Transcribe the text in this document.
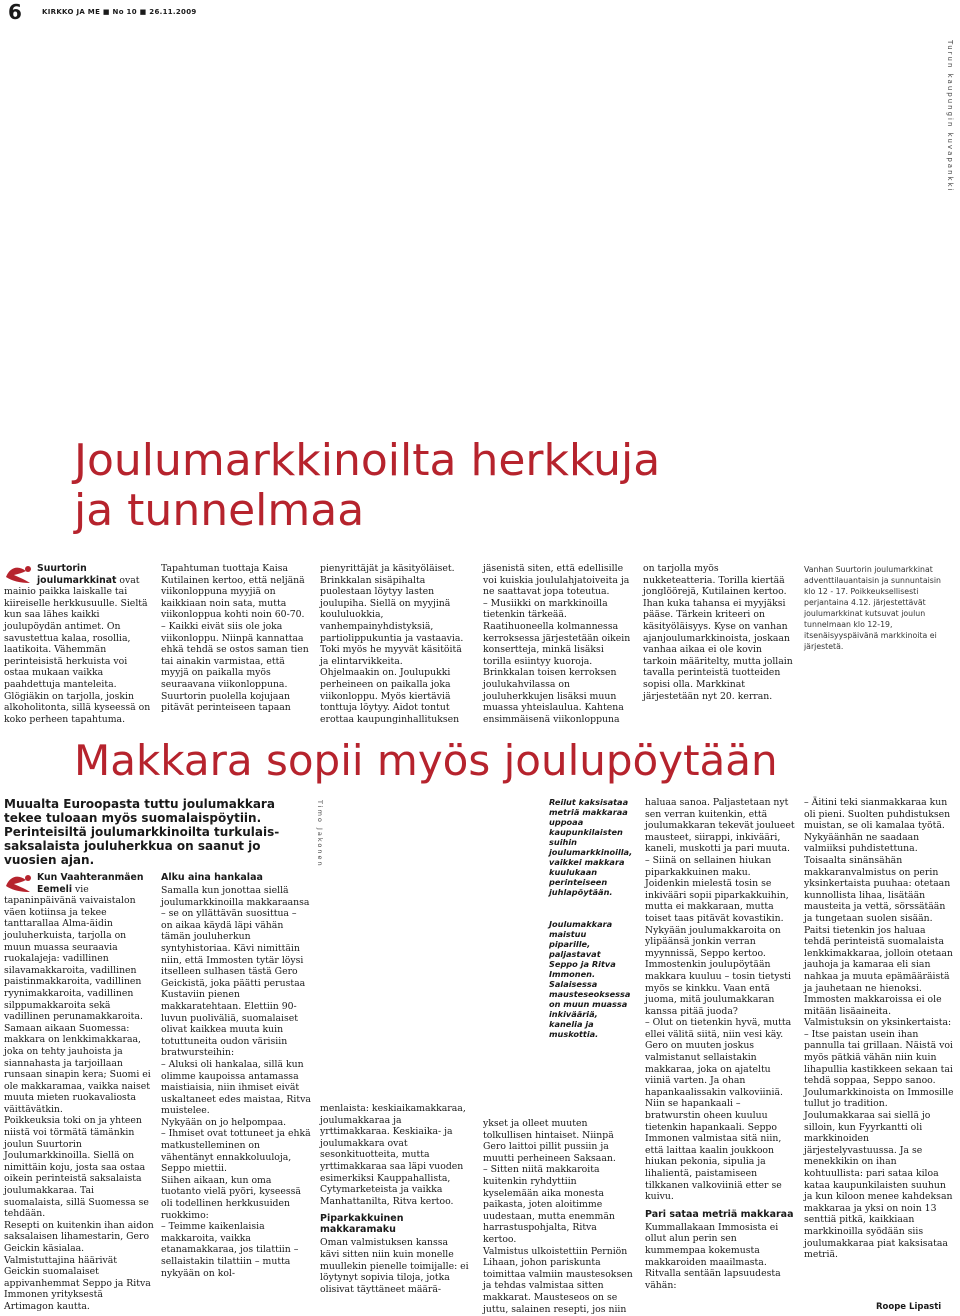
6	KIRKKO JA ME ■ No 10 ■ 26.11.2009
Turun kaupungin kuvapankki
Joulumarkkinoilta herkkuja ja tunnelmaa

Suurtorin joulumarkkinat ovat mainio paikka laiskalle tai kiireiselle herkkusuulle. Sieltä kun saa lähes kaikki joulupöydän antimet. On savustettua kalaa, rosollia, laatikoita. Vähemmän perinteisistä herkuista voi ostaa mukaan vaikka paahdettuja manteleita. Glögiäkin on tarjolla, joskin alkoholitonta, sillä kyseessä on koko perheen tapahtuma.

Tapahtuman tuottaja Kaisa Kutilainen kertoo, että neljänä viikonloppuna myyjiä on kaikkiaan noin sata, mutta viikonloppua kohti noin 60-70.

– Kaikki eivät siis ole joka viikonloppu. Niinpä kannattaa ehkä tehdä se ostos saman tien tai ainakin varmistaa, että myyjä on paikalla myös seuraavana viikonloppuna.

Suurtorin puolella kojujaan pitävät perinteiseen tapaan

pienyrittäjät ja käsityöläiset. Brinkkalan sisäpihalta puolestaan löytyy lasten joulupiha. Siellä on myyjinä koululuokkia, vanhempainyhdistyksiä, partiolippukuntia ja vastaavia. Toki myös he myyvät käsitöitä ja elintarvikkeita.

Ohjelmaakin on. Joulupukki perheineen on paikalla joka viikonloppu. Myös kiertäviä tonttuja löytyy. Aidot tontut erottaa kaupunginhallituksen

jäsenistä siten, että edellisille voi kuiskia joululahjatoiveita ja ne saattavat jopa toteutua.

– Musiikki on markkinoilla tietenkin tärkeää. Raatihuoneella kolmannessa kerroksessa järjestetään oikein konsertteja, minkä lisäksi torilla esiintyy kuoroja. Brinkkalan toisen kerroksen joulukahvilassa on jouluherkkujen lisäksi muun muassa yhteislaulua. Kahtena ensimmäisenä viikonloppuna

on tarjolla myös nukketeatteria. Torilla kiertää jonglöörejä, Kutilainen kertoo.

Ihan kuka tahansa ei myyjäksi pääse. Tärkein kriteeri on käsityöläisyys. Kyse on vanhan ajanjoulumarkkinoista, joskaan vanhaa aikaa ei ole kovin tarkoin määritelty, mutta jollain tavalla perinteistä tuotteiden sopisi olla. Markkinat järjestetään nyt 20. kerran.

Vanhan Suurtorin joulumarkkinat adventtilauantaisin ja sunnuntaisin klo 12 - 17. Poikkeuksellisesti perjantaina 4.12. järjestettävät joulumarkkinat kutsuvat joulun tunnelmaan klo 12-19, itsenäisyyspäivänä markkinoita ei järjestetä.
Makkara sopii myös joulupöytään
Muualta Euroopasta tuttu joulumakkara tekee tuloaan myös suomalaispöytiin. Perinteisiltä joulumarkkinoilta turkulais-saksalaista jouluherkkua on saanut jo vuosien ajan.	Timo Jakonen

Kun Vaahteranmäen Eemeli vie tapaninpäivänä vaivaistalon väen kotiinsa ja tekee tanttarallaa Alma-äidin jouluherkuista, tarjolla on muun muassa seuraavia ruokalajeja: vadillinen silavamakkaroita, vadillinen paistinmakkaroita, vadillinen ryynimakkaroita, vadillinen silppumakkaroita sekä vadillinen perunamakkaroita.

Samaan aikaan Suomessa: makkara on lenkkimakkaraa, joka on tehty jauhoista ja siannahasta ja tarjoillaan runsaan sinapin kera; Suomi ei ole makkaramaa, vaikka naiset muuta mieten ruokavaliosta väittävätkin.

Poikkeuksia toki on ja yhteen niistä voi törmätä tämänkin joulun Suurtorin Joulumarkkinoilla. Siellä on nimittäin koju, josta saa ostaa oikein perinteistä saksalaista joulumakkaraa. Tai suomalaista, sillä Suomessa se tehdään.

Resepti on kuitenkin ihan aidon saksalaisen lihamestarin, Gero Geickin käsialaa. Valmistuttajina häärivät Geickin suomalaiset appivanhemmat Seppo ja Ritva Immonen yrityksestä Artimagon kautta.

Alku aina hankalaa

Samalla kun jonottaa siellä joulumarkkinoilla makkaraansa – se on yllättävän suosittua – on aikaa käydä läpi vähän tämän jouluherkun syntyhistoriaa. Kävi nimittäin niin, että Immosten tytär löysi itselleen sulhasen tästä Gero Geickistä, joka päätti perustaa Kustaviin pienen makkaratehtaan. Elettiin 90-luvun puoliväliä, suomalaiset olivat kaikkea muuta kuin totuttuneita oudon värisiin bratwursteihin:

– Aluksi oli hankalaa, sillä kun olimme kaupoissa antamassa maistiaisia, niin ihmiset eivät uskaltaneet edes maistaa, Ritva muistelee.

Nykyään on jo helpompaa.

– Ihmiset ovat tottuneet ja ehkä matkustelleminen on vähentänyt ennakkoluuloja, Seppo miettii.

Siihen aikaan, kun oma tuotanto vielä pyöri, kyseessä oli todellinen herkkusuiden ruokkimo:

– Teimme kaikenlaisia makkaroita, vaikka etanamakkaraa, jos tilattiin – sellaistakin tilattiin – mutta nykyään on kol-

menlaista: keskiaikamakkaraa, joulumakkaraa ja yrttimakkaraa. Keskiaika- ja joulumakkara ovat sesonkituotteita, mutta yrttimakkaraa saa läpi vuoden esimerkiksi Kauppahallista, Cytymarketeista ja vaikka Manhattanilta, Ritva kertoo.

Piparkakkuinen makkaramaku

Oman valmistuksen kanssa kävi sitten niin kuin monelle muullekin pienelle toimijalle: ei löytynyt sopivia tiloja, jotka olisivat täyttäneet määrä-

Reilut kaksisataa metriä makkaraa uppoaa kaupunkilaisten suihin joulumarkkinoilla, vaikkei makkara kuulukaan perinteiseen juhlapöytään.
Joulumakkara maistuu piparille, paljastavat Seppo ja Ritva Immonen. Salaisessa mausteseoksessa on muun muassa inkivääriä, kanelia ja muskottia.

ykset ja olleet muuten tolkullisen hintaiset. Niinpä Gero laittoi pillit pussiin ja muutti perheineen Saksaan.

– Sitten niitä makkaroita kuitenkin ryhdyttiin kyselemään aika monesta paikasta, joten aloitimme uudestaan, mutta enemmän harrastuspohjalta, Ritva kertoo.

Valmistus ulkoistettiin Perniön Lihaan, johon pariskunta toimittaa valmiin maustesoksen ja tehdas valmistaa sitten makkarat. Mausteseos on se juttu, salainen resepti, jos niin

haluaa sanoa. Paljastetaan nyt sen verran kuitenkin, että joulumakkaran tekevät joulueet mausteet, siirappi, inkivääri, kaneli, muskotti ja pari muuta.

– Siinä on sellainen hiukan piparkakkuinen maku. Joidenkin mielestä tosin se inkivääri sopii piparkakkuihin, mutta ei makkaraan, mutta toiset taas pitävät kovastikin. Nykyään joulumakkaroita on ylipäänsä jonkin verran myynnissä, Seppo kertoo.

Immostenkin joulupöytään makkara kuuluu – tosin tietysti myös se kinkku. Vaan entä juoma, mitä joulumakkaran kanssa pitää juoda?

– Olut on tietenkin hyvä, mutta ellei välitä siitä, niin vesi käy. Gero on muuten joskus valmistanut sellaistakin makkaraa, joka on ajateltu viiniä varten. Ja ohan hapankaalissakin valkoviiniä.

Niin se hapankaali – bratwurstin oheen kuuluu tietenkin hapankaali. Seppo Immonen valmistaa sitä niin, että laittaa kaalin joukkoon hiukan pekonia, sipulia ja lihalientä, paistamiseen tilkkanen valkoviiniä etter se kuivu.

Pari sataa metriä makkaraa

Kummallakaan Immosista ei ollut alun perin sen kummempaa kokemusta makkaroiden maailmasta. Ritvalla sentään lapsuudesta vähän:

– Äitini teki sianmakkaraa kun oli pieni. Suolten puhdistuksen muistan, se oli kamalaa työtä. Nykyäänhän ne saadaan valmiiksi puhdistettuna.

Toisaalta sinänsähän makkaranvalmistus on perin yksinkertaista puuhaa: otetaan kunnollista lihaa, lisätään mausteita ja vettä, sörssätään ja tungetaan suolen sisään. Paitsi tietenkin jos haluaa tehdä perinteistä suomalaista lenkkimakkaraa, jolloin otetaan jauhoja ja kamaraa eli sian nahkaa ja muuta epämääräistä ja jauhetaan ne hienoksi. Immosten makkaroissa ei ole mitään lisäaineita.

Valmistuksin on yksinkertaista:

– Itse paistan usein ihan pannulla tai grillaan. Näistä voi myös pätkiä vähän niin kuin lihapullia kastikkeen sekaan tai tehdä soppaa, Seppo sanoo.

Joulumarkkinoista on Immosille tullut jo tradition. Joulumakkaraa sai siellä jo silloin, kun Fyyrkantti oli markkinoiden järjestelyvastuussa. Ja se menekkikin on ihan kohtuullista: pari sataa kiloa kataa kaupunkilaisten suuhun ja kun kiloon menee kahdeksan makkaraa ja yksi on noin 13 senttiä pitkä, kaikkiaan markkinoilla syödään siis joulumakkaraa piat kaksisataa metriä.

Roope Lipasti
